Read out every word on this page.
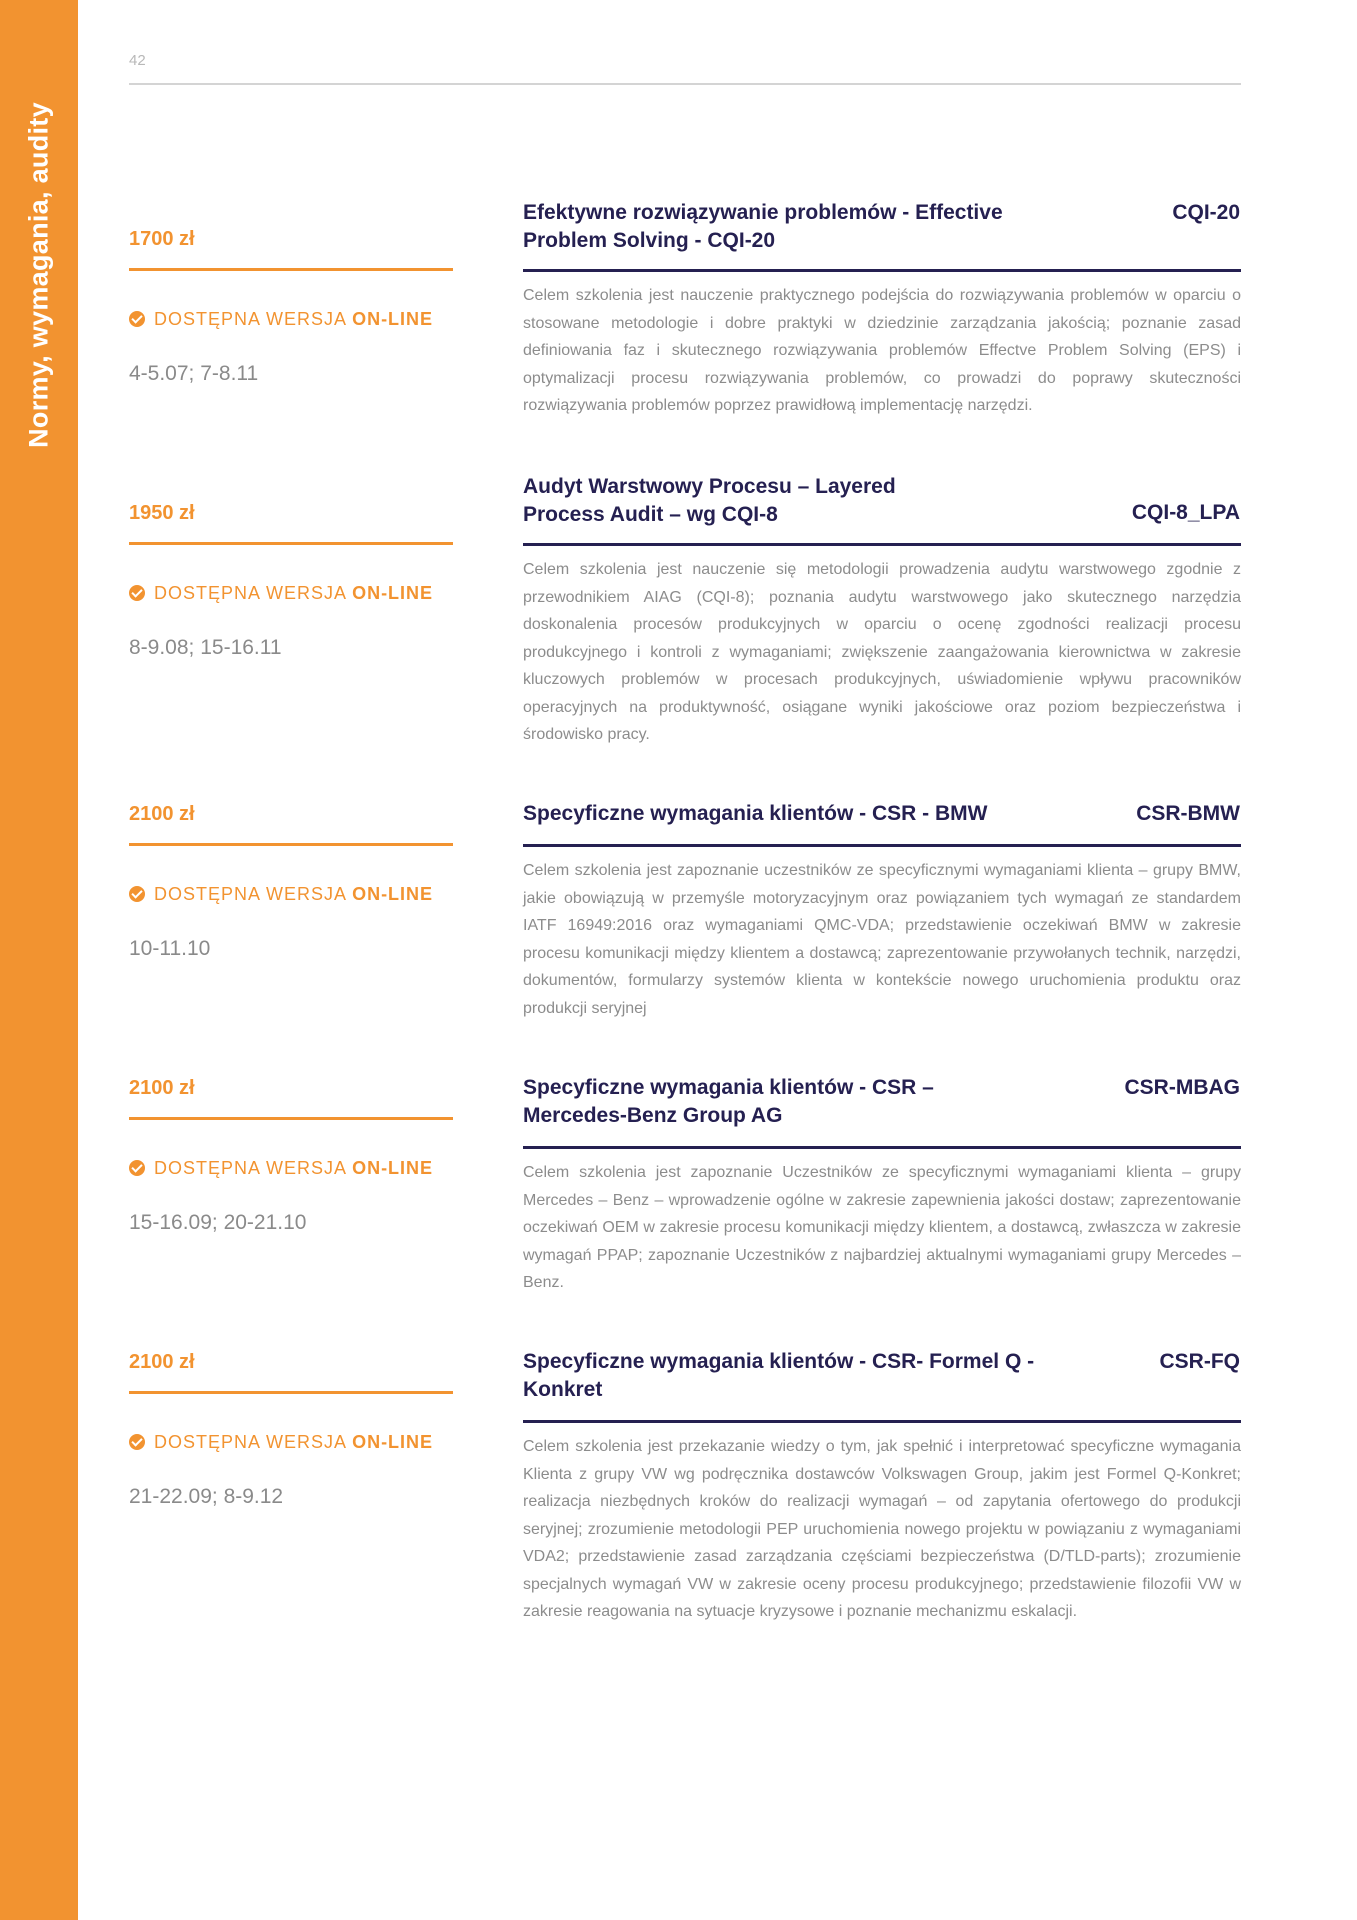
Normy, wymagania, audity
42
1700 zł
DOSTĘPNA WERSJA ON-LINE
4-5.07; 7-8.11
Efektywne rozwiązywanie problemów - Effective Problem Solving - CQI-20
CQI-20

Celem szkolenia jest nauczenie praktycznego podejścia do rozwiązywania problemów w oparciu o stosowane metodologie i dobre praktyki w dziedzinie zarządzania jakością; poznanie zasad definiowania faz i skutecznego rozwiązywania problemów Effectve Problem Solving (EPS) i optymalizacji procesu rozwiązywania problemów, co prowadzi do poprawy skuteczności rozwiązywania problemów poprzez prawidłową implementację narzędzi.

1950 zł
DOSTĘPNA WERSJA ON-LINE
8-9.08; 15-16.11
Audyt Warstwowy Procesu – Layered Process Audit – wg CQI-8	CQI-8_LPA

Celem szkolenia jest nauczenie się metodologii prowadzenia audytu warstwowego zgodnie z przewodnikiem AIAG (CQI-8); poznania audytu warstwowego jako skutecznego narzędzia doskonalenia procesów produkcyjnych w oparciu o ocenę zgodności realizacji procesu produkcyjnego i kontroli z wymaganiami; zwiększenie zaangażowania kierownictwa w zakresie kluczowych problemów w procesach produkcyjnych, uświadomienie wpływu pracowników operacyjnych na produktywność, osiągane wyniki jakościowe oraz poziom bezpieczeństwa i środowisko pracy.

2100 zł
DOSTĘPNA WERSJA ON-LINE
10-11.10
Specyficzne wymagania klientów - CSR - BMW	CSR-BMW

Celem szkolenia jest zapoznanie uczestników ze specyficznymi wymaganiami klienta – grupy BMW, jakie obowiązują w przemyśle motoryzacyjnym oraz powiązaniem tych wymagań ze standardem IATF 16949:2016 oraz wymaganiami QMC-VDA; przedstawienie oczekiwań BMW w zakresie procesu komunikacji między klientem a dostawcą; zaprezentowanie przywołanych technik, narzędzi, dokumentów, formularzy systemów klienta w kontekście nowego uruchomienia produktu oraz produkcji seryjnej

2100 zł
DOSTĘPNA WERSJA ON-LINE
15-16.09; 20-21.10
Specyficzne wymagania klientów - CSR – Mercedes-Benz Group AG
CSR-MBAG

Celem szkolenia jest zapoznanie Uczestników ze specyficznymi wymaganiami klienta – grupy Mercedes – Benz – wprowadzenie ogólne w zakresie zapewnienia jakości dostaw; zaprezentowanie oczekiwań OEM w zakresie procesu komunikacji między klientem, a dostawcą, zwłaszcza w zakresie wymagań PPAP; zapoznanie Uczestników z najbardziej aktualnymi wymaganiami grupy Mercedes – Benz.

2100 zł
DOSTĘPNA WERSJA ON-LINE
21-22.09; 8-9.12
Specyficzne wymagania klientów - CSR- Formel Q -Konkret
CSR-FQ

Celem szkolenia jest przekazanie wiedzy o tym, jak spełnić i interpretować specyficzne wymagania Klienta z grupy VW wg podręcznika dostawców Volkswagen Group, jakim jest Formel Q-Konkret; realizacja niezbędnych kroków do realizacji wymagań – od zapytania ofertowego do produkcji seryjnej; zrozumienie metodologii PEP uruchomienia nowego projektu w powiązaniu z wymaganiami VDA2; przedstawienie zasad zarządzania częściami bezpieczeństwa (D/TLD-parts); zrozumienie specjalnych wymagań VW w zakresie oceny procesu produkcyjnego; przedstawienie filozofii VW w zakresie reagowania na sytuacje kryzysowe i poznanie mechanizmu eskalacji.
